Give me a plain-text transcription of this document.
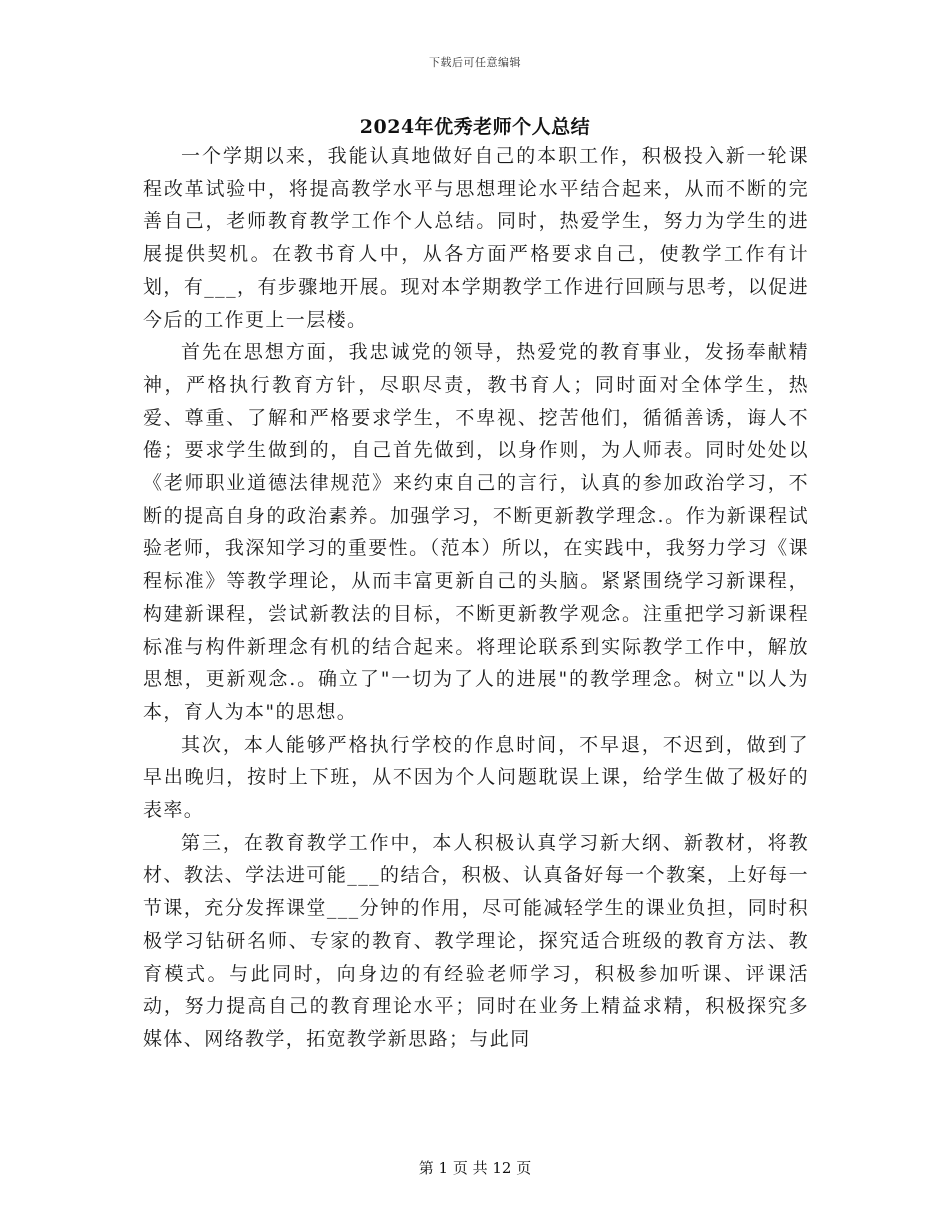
下载后可任意编辑
2024年优秀老师个人总结

一个学期以来，我能认真地做好自己的本职工作，积极投入新一轮课程改革试验中，将提高教学水平与思想理论水平结合起来，从而不断的完善自己，老师教育教学工作个人总结。同时，热爱学生，努力为学生的进展提供契机。在教书育人中，从各方面严格要求自己，使教学工作有计划，有___，有步骤地开展。现对本学期教学工作进行回顾与思考，以促进今后的工作更上一层楼。

首先在思想方面，我忠诚党的领导，热爱党的教育事业，发扬奉献精神，严格执行教育方针，尽职尽责，教书育人；同时面对全体学生，热爱、尊重、了解和严格要求学生，不卑视、挖苦他们，循循善诱，诲人不倦；要求学生做到的，自己首先做到，以身作则，为人师表。同时处处以《老师职业道德法律规范》来约束自己的言行，认真的参加政治学习，不断的提高自身的政治素养。加强学习，不断更新教学理念.。作为新课程试验老师，我深知学习的重要性。（范本）所以，在实践中，我努力学习《课程标准》等教学理论，从而丰富更新自己的头脑。紧紧围绕学习新课程，构建新课程，尝试新教法的目标，不断更新教学观念。注重把学习新课程标准与构件新理念有机的结合起来。将理论联系到实际教学工作中，解放思想，更新观念.。确立了"一切为了人的进展"的教学理念。树立"以人为本，育人为本"的思想。

其次，本人能够严格执行学校的作息时间，不早退，不迟到，做到了早出晚归，按时上下班，从不因为个人问题耽误上课，给学生做了极好的表率。

第三，在教育教学工作中，本人积极认真学习新大纲、新教材，将教材、教法、学法进可能___的结合，积极、认真备好每一个教案，上好每一节课，充分发挥课堂___分钟的作用，尽可能减轻学生的课业负担，同时积极学习钻研名师、专家的教育、教学理论，探究适合班级的教育方法、教育模式。与此同时，向身边的有经验老师学习，积极参加听课、评课活动，努力提高自己的教育理论水平；同时在业务上精益求精，积极探究多媒体、网络教学，拓宽教学新思路；与此同

第 1 页 共 12 页
